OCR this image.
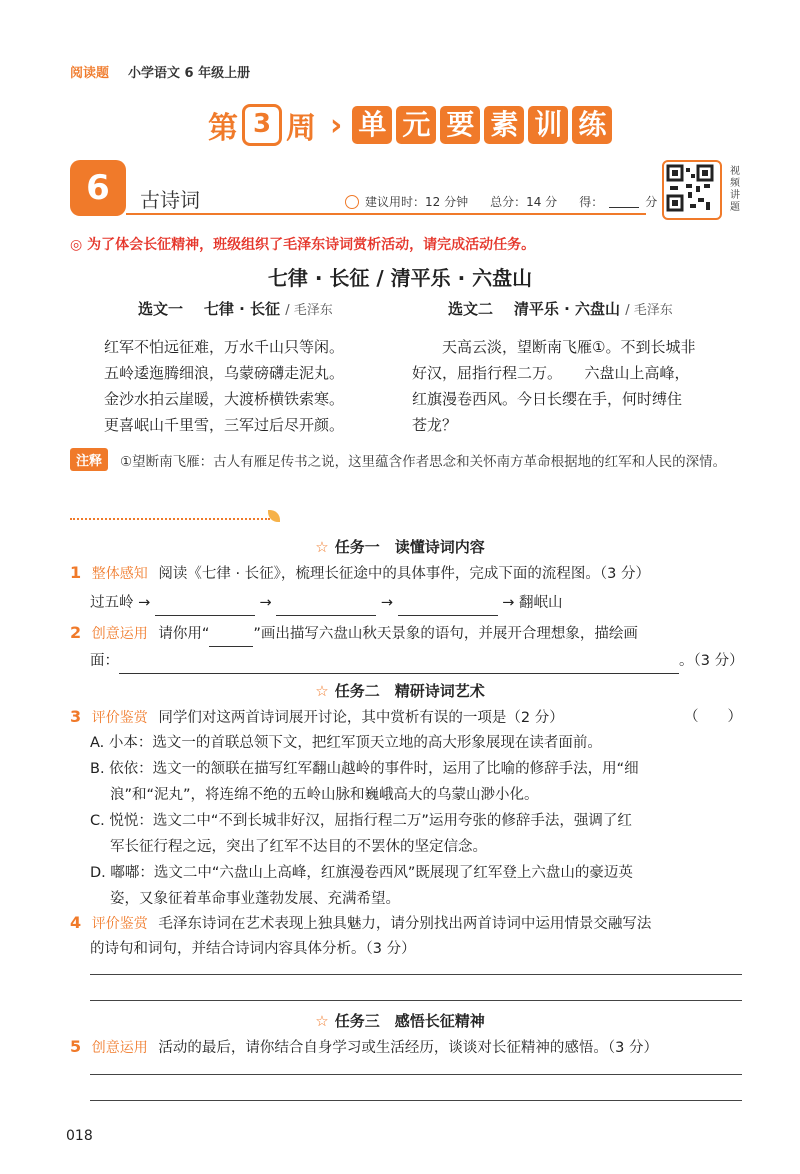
阅读题 小学语文 6 年级上册
第 3 周 › 单 元 要 素 训 练
6	古诗词	建议用时：12 分钟 总分：14 分 得：	分
视频讲题
◎ 为了体会长征精神，班级组织了毛泽东诗词赏析活动，请完成活动任务。
七律 · 长征 / 清平乐 · 六盘山
选文一 七律 · 长征 / 毛泽东
红军不怕远征难，万水千山只等闲。
五岭逶迤腾细浪，乌蒙磅礴走泥丸。
金沙水拍云崖暖，大渡桥横铁索寒。
更喜岷山千里雪，三军过后尽开颜。
选文二 清平乐 · 六盘山 / 毛泽东
天高云淡，望断南飞雁①。不到长城非
好汉，屈指行程二万。　　六盘山上高峰，
红旗漫卷西风。今日长缨在手，何时缚住
苍龙？
注释	①望断南飞雁：古人有雁足传书之说，这里蕴含作者思念和关怀南方革命根据地的红军和人民的深情。
☆ 任务一　读懂诗词内容
1 整体感知 阅读《七律 · 长征》，梳理长征途中的具体事件，完成下面的流程图。（3 分）
过五岭 →	→	→	→ 翻岷山
2 创意运用 请你用“	”画出描写六盘山秋天景象的语句，并展开合理想象，描绘画
面：	。（3 分）
☆ 任务二　精研诗词艺术
3 评价鉴赏 同学们对这两首诗词展开讨论，其中赏析有误的一项是（2 分）	（　　）
A. 小本：选文一的首联总领下文，把红军顶天立地的高大形象展现在读者面前。
B. 依依：选文一的颔联在描写红军翻山越岭的事件时，运用了比喻的修辞手法，用“细
浪”和“泥丸”，将连绵不绝的五岭山脉和巍峨高大的乌蒙山渺小化。
C. 悦悦：选文二中“不到长城非好汉，屈指行程二万”运用夸张的修辞手法，强调了红
军长征行程之远，突出了红军不达目的不罢休的坚定信念。
D. 嘟嘟：选文二中“六盘山上高峰，红旗漫卷西风”既展现了红军登上六盘山的豪迈英
姿，又象征着革命事业蓬勃发展、充满希望。
4 评价鉴赏 毛泽东诗词在艺术表现上独具魅力，请分别找出两首诗词中运用情景交融写法
的诗句和词句，并结合诗词内容具体分析。（3 分）
☆ 任务三　感悟长征精神
5 创意运用 活动的最后，请你结合自身学习或生活经历，谈谈对长征精神的感悟。（3 分）
018
